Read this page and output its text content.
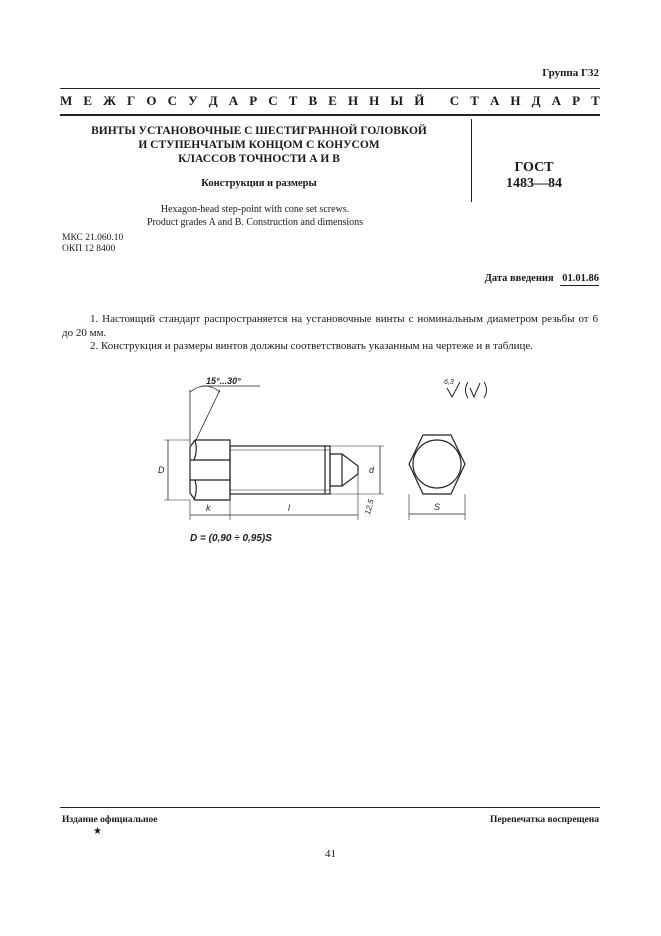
Группа Г32
М Е Ж Г О С У Д А Р С Т В Е Н Н Ы Й
С Т А Н Д А Р Т
ВИНТЫ УСТАНОВОЧНЫЕ С ШЕСТИГРАННОЙ ГОЛОВКОЙ
И СТУПЕНЧАТЫМ КОНЦОМ С КОНУСОМ
КЛАССОВ ТОЧНОСТИ А И В
Конструкция и размеры
ГОСТ
1483—84
Hexagon-head step-point with cone set screws.
Product grades A and B. Construction and dimensions
МКС 21.060.10
ОКП 12 8400
Дата введения 01.01.86
1. Настоящий стандарт распространяется на установочные винты с номинальным диаметром резьбы от 6 до 20 мм.
2. Конструкция и размеры винтов должны соответствовать указанным на чертеже и в таблице.
15°...30°
D	d
k	l	12,5
6,3
S
D = (0,90 ÷ 0,95)S
Издание официальное
★
Перепечатка воспрещена
41
